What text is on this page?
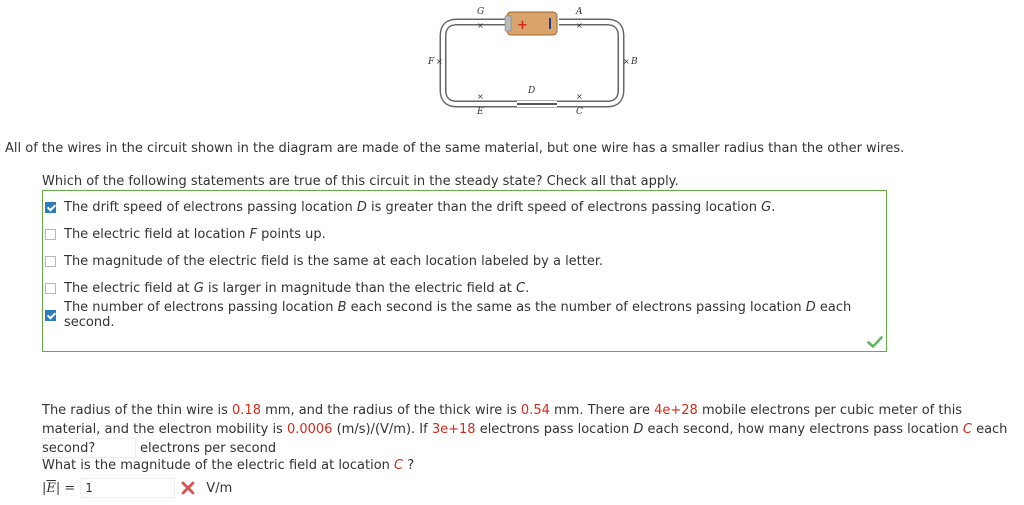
+
G
×
A
×
F ×	× B
D
×
E
×
C
All of the wires in the circuit shown in the diagram are made of the same material, but one wire has a smaller radius than the other wires.
Which of the following statements are true of this circuit in the steady state? Check all that apply.
The drift speed of electrons passing location D is greater than the drift speed of electrons passing location G.
The electric field at location F points up.
The magnitude of the electric field is the same at each location labeled by a letter.
The electric field at G is larger in magnitude than the electric field at C.
The number of electrons passing location B each second is the same as the number of electrons passing location D each second.
The radius of the thin wire is 0.18 mm, and the radius of the thick wire is 0.54 mm. There are 4e+28 mobile electrons per cubic meter of this material, and the electron mobility is 0.0006 (m/s)/(V/m). If 3e+18 electrons pass location D each second, how many electrons pass location C each second?	electrons per second
What is the magnitude of the electric field at location C ?
$|\overline{E}| = 1$	V/m
